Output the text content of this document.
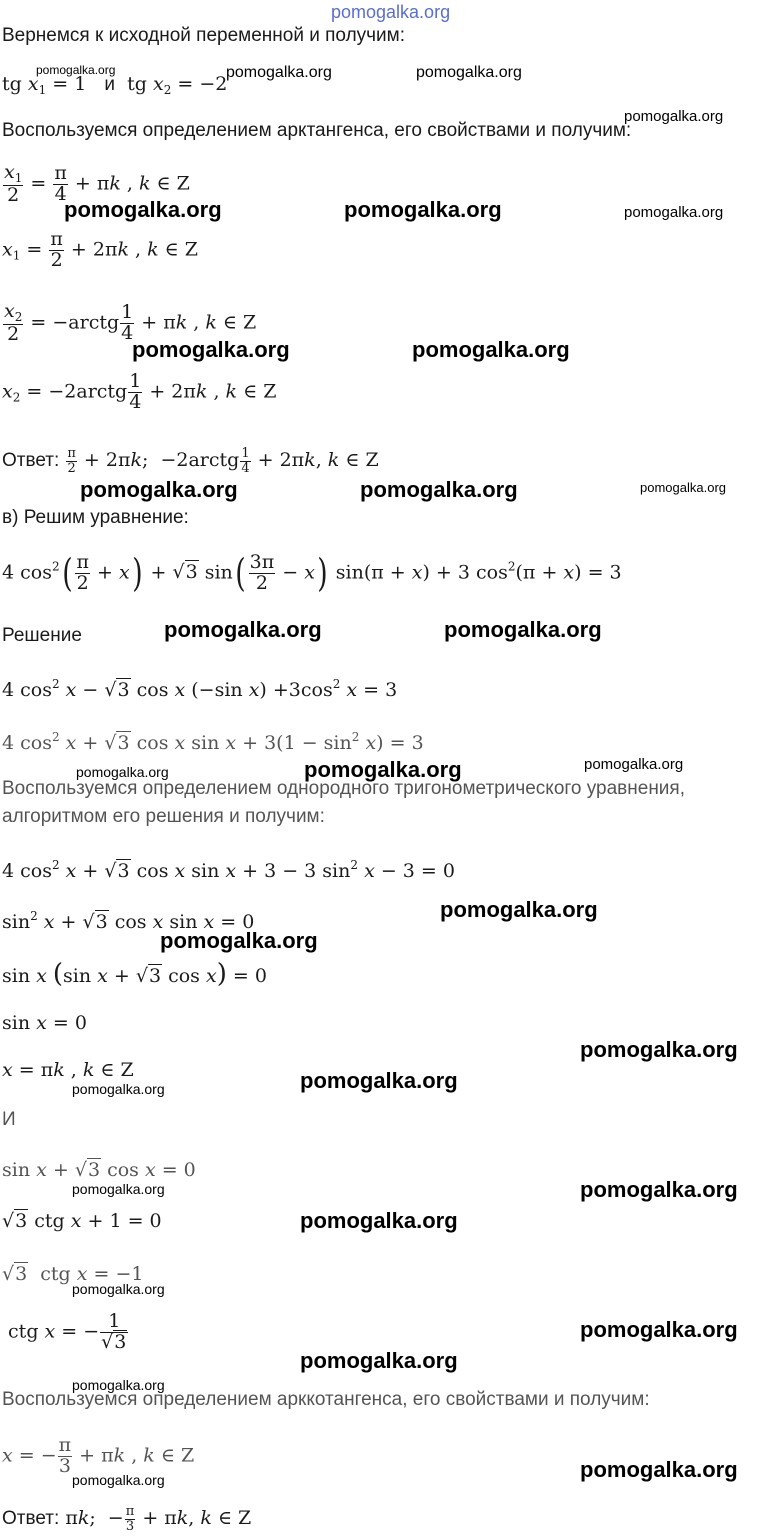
pomogalka.org
Вернемся к исходной переменной и получим:
tg $x_1 = 1$   и  tg $x_2 = -2$
Воспользуемся определением арктангенса, его свойствами и получим:
$\frac{x_1}{2} = \frac{\pi}{4} + \pi k$ , k ∈ Z
$x_1 = \frac{\pi}{2} + 2\pi k$ , k ∈ Z
$\frac{x_2}{2}$ = −arctg $\frac{1}{4} + \pi k$ , k ∈ Z
$x_2$ = −2arctg $\frac{1}{4} + 2\pi k$ , k ∈ Z
Ответ: $\frac{\pi}{2} + 2\pi k$;  −2arctg $\frac{1}{4} + 2\pi k$, k ∈ Z
в) Решим уравнение:
4 $\cos^2( \frac{\pi}{2} + x) + √3$ $\sin( \frac{3\pi}{2} - x)$ sin(π + x) + 3 $\cos^2(\pi + x) = 3$
Решение
4 $\cos^2 x - √3$ cos x (−sin $x) +3\cos^2$ x = 3
4 $\cos^2 x + √3$ cos x $\sin x + 3(1 - \sin^2 x) = 3$
Воспользуемся определением однородного тригонометрического уравнения,
алгоритмом его решения и получим:
4 $\cos^2 x + √3$ cos x sin x + 3 − 3 $\sin^2 x - 3 = 0$
$\sin^2 x + √3$ cos x sin x = 0
sin x (sin x + √3 cos x) = 0
sin x = 0
x = πk , k ∈ Z
И
sin x + √3 cos x = 0
√3 ctg x + 1 = 0
√3  ctg x = −1
ctg x = − $\frac{1}{√3}$
Воспользуемся определением арккотангенса, его свойствами и получим:
x = − $\frac{\pi}{3} + \pi k$ , k ∈ Z
Ответ: πk;  − $\frac{\pi}{3} + \pi k$, k ∈ Z
pomogalka.org	pomogalka.org	pomogalka.org
pomogalka.org
pomogalka.org	pomogalka.org	pomogalka.org
pomogalka.org	pomogalka.org
pomogalka.org	pomogalka.org	pomogalka.org
pomogalka.org	pomogalka.org
pomogalka.org	pomogalka.org	pomogalka.org
pomogalka.org
pomogalka.org
pomogalka.org
pomogalka.org
pomogalka.org
pomogalka.org	pomogalka.org
pomogalka.org
pomogalka.org
pomogalka.org
pomogalka.org
pomogalka.org
pomogalka.org	pomogalka.org
